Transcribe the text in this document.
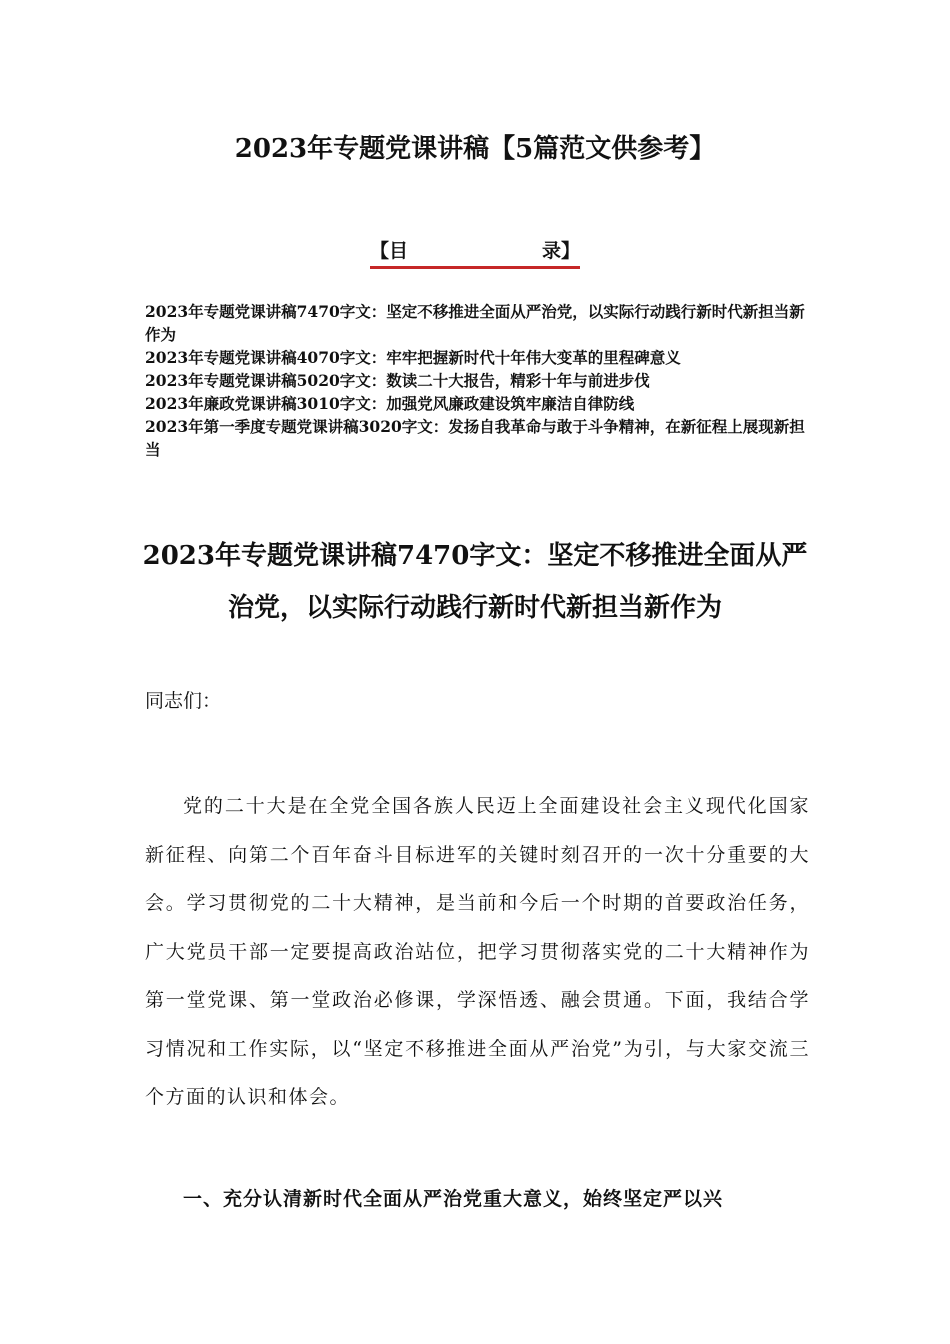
2023年专题党课讲稿【5篇范文供参考】
【目	录】

2023年专题党课讲稿7470字文：坚定不移推进全面从严治党，以实际行动践行新时代新担当新作为

2023年专题党课讲稿4070字文：牢牢把握新时代十年伟大变革的里程碑意义

2023年专题党课讲稿5020字文：数读二十大报告，精彩十年与前进步伐

2023年廉政党课讲稿3010字文：加强党风廉政建设筑牢廉洁自律防线

2023年第一季度专题党课讲稿3020字文：发扬自我革命与敢于斗争精神，在新征程上展现新担当

2023年专题党课讲稿7470字文：坚定不移推进全面从严治党，以实际行动践行新时代新担当新作为
同志们：
党的二十大是在全党全国各族人民迈上全面建设社会主义现代化国家新征程、向第二个百年奋斗目标进军的关键时刻召开的一次十分重要的大会。学习贯彻党的二十大精神，是当前和今后一个时期的首要政治任务，广大党员干部一定要提高政治站位，把学习贯彻落实党的二十大精神作为第一堂党课、第一堂政治必修课，学深悟透、融会贯通。下面，我结合学习情况和工作实际，以“坚定不移推进全面从严治党”为引，与大家交流三个方面的认识和体会。
一、充分认清新时代全面从严治党重大意义，始终坚定严以兴
